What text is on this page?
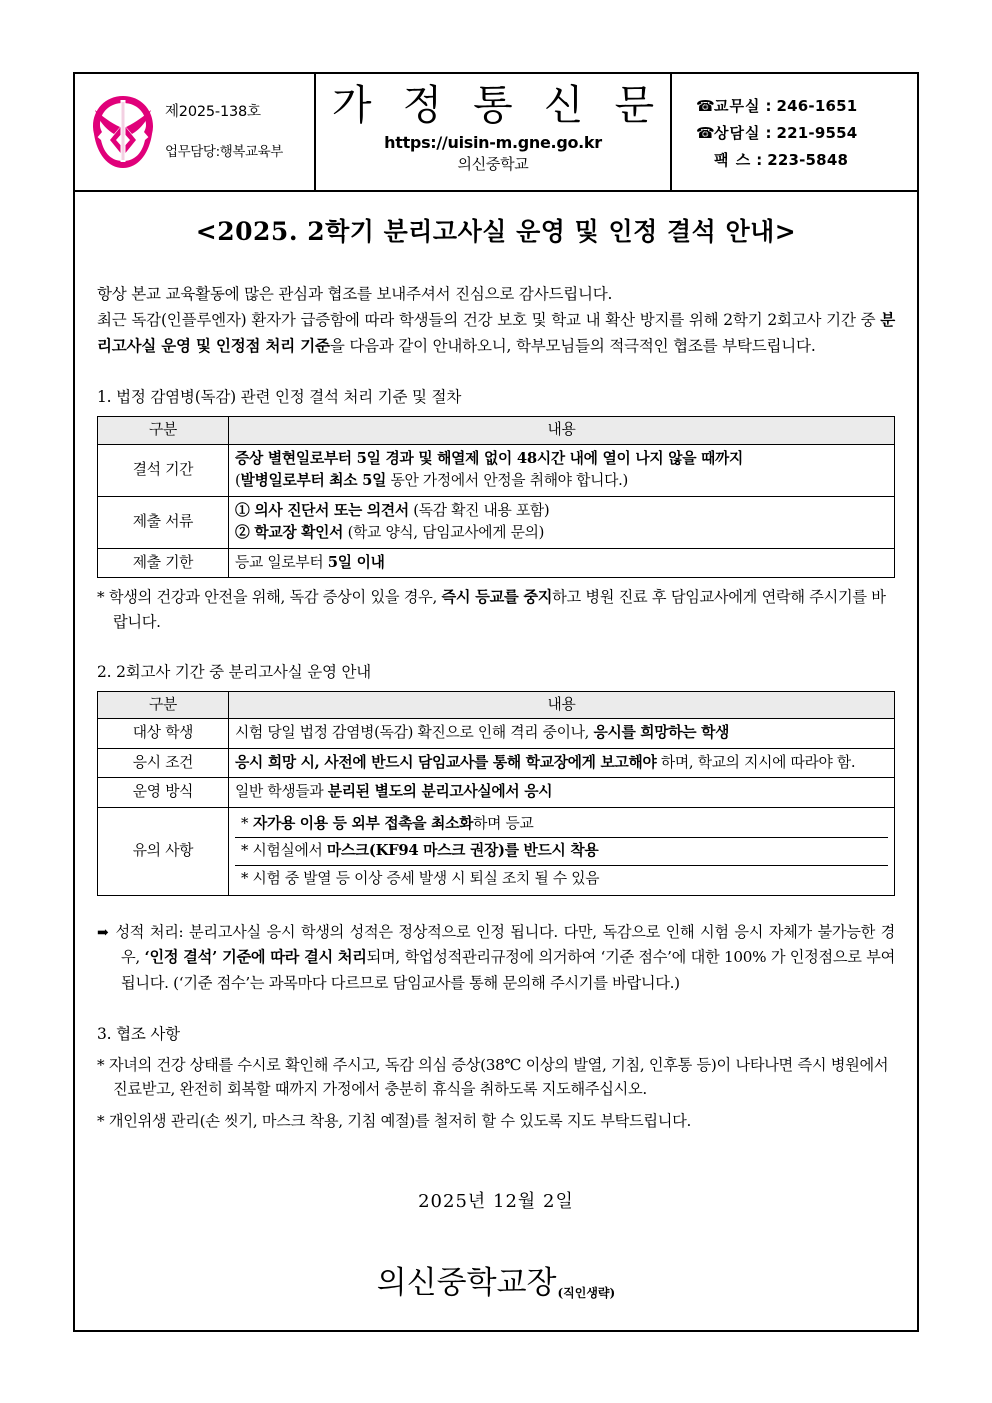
제2025-138호
업무담당:행복교육부
가 정 통 신 문
https://uisin-m.gne.go.kr
의신중학교
☎ 교무실 : 246-1651
☎ 상담실 : 221-9554
팩 스 : 223-5848
<2025. 2학기 분리고사실 운영 및 인정 결석 안내>

항상 본교 교육활동에 많은 관심과 협조를 보내주셔서 진심으로 감사드립니다.

최근 독감(인플루엔자) 환자가 급증함에 따라 학생들의 건강 보호 및 학교 내 확산 방지를 위해 2학기 2회고사 기간 중 분리고사실 운영 및 인정점 처리 기준을 다음과 같이 안내하오니, 학부모님들의 적극적인 협조를 부탁드립니다.

1. 법정 감염병(독감) 관련 인정 결석 처리 기준 및 절차
구분	내용
결석 기간	증상 별현일로부터 5일 경과 및 해열제 없이 48시간 내에 열이 나지 않을 때까지
(발병일로부터 최소 5일 동안 가정에서 안정을 취해야 합니다.)

제출 서류	① 의사 진단서 또는 의견서 (독감 확진 내용 포함)
② 학교장 확인서 (학교 양식, 담임교사에게 문의)

제출 기한	등교 일로부터 5일 이내
* 학생의 건강과 안전을 위해, 독감 증상이 있을 경우, 즉시 등교를 중지하고 병원 진료 후 담임교사에게 연락해 주시기를 바랍니다.
2. 2회고사 기간 중 분리고사실 운영 안내
구분	내용
대상 학생	시험 당일 법정 감염병(독감) 확진으로 인해 격리 중이나, 응시를 희망하는 학생
응시 조건	응시 희망 시, 사전에 반드시 담임교사를 통해 학교장에게 보고해야 하며, 학교의 지시에 따라야 함.
운영 방식	일반 학생들과 분리된 별도의 분리고사실에서 응시
유의 사항	* 자가용 이용 등 외부 접촉을 최소화하며 등교
* 시험실에서 마스크(KF94 마스크 권장)를 반드시 착용
* 시험 중 발열 등 이상 증세 발생 시 퇴실 조치 될 수 있음
➡ 성적 처리: 분리고사실 응시 학생의 성적은 정상적으로 인정 됩니다. 다만, 독감으로 인해 시험 응시 자체가 불가능한 경우, ‘인정 결석’ 기준에 따라 결시 처리되며, 학업성적관리규정에 의거하여 ‘기준 점수’에 대한 100% 가 인정점으로 부여 됩니다. (‘기준 점수’는 과목마다 다르므로 담임교사를 통해 문의해 주시기를 바랍니다.)
3. 협조 사항
* 자녀의 건강 상태를 수시로 확인해 주시고, 독감 의심 증상(38℃ 이상의 발열, 기침, 인후통 등)이 나타나면 즉시 병원에서 진료받고, 완전히 회복할 때까지 가정에서 충분히 휴식을 취하도록 지도해주십시오.
* 개인위생 관리(손 씻기, 마스크 착용, 기침 예절)를 철저히 할 수 있도록 지도 부탁드립니다.
2025년 12월 2일
의신중학교장$_{(직인생략)}$
